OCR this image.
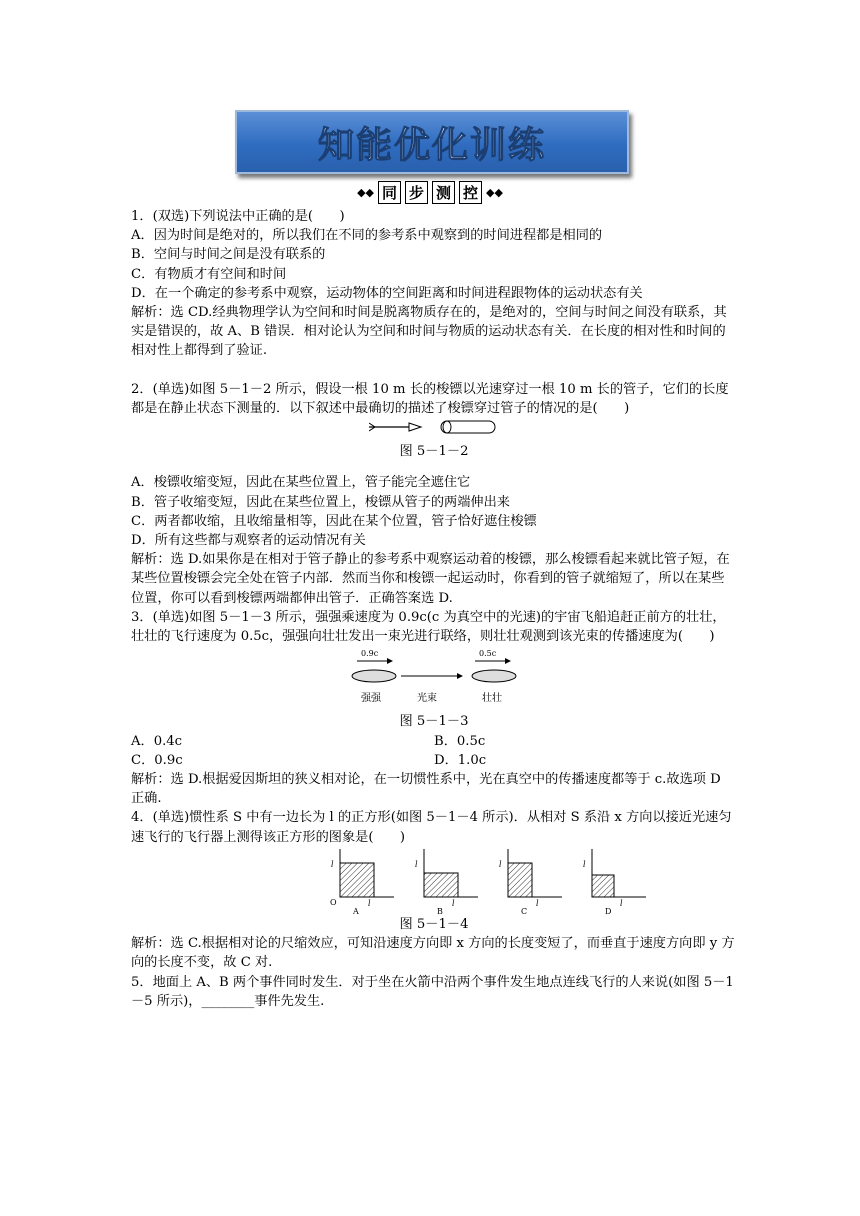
知能优化训练
◆◆ 同 步 测 控 ◆◆

1．(双选)下列说法中正确的是(　　)

A．因为时间是绝对的，所以我们在不同的参考系中观察到的时间进程都是相同的

B．空间与时间之间是没有联系的

C．有物质才有空间和时间

D．在一个确定的参考系中观察，运动物体的空间距离和时间进程跟物体的运动状态有关

解析：选 CD.经典物理学认为空间和时间是脱离物质存在的，是绝对的，空间与时间之间没有联系，其实是错误的，故 A、B 错误．相对论认为空间和时间与物质的运动状态有关．在长度的相对性和时间的相对性上都得到了验证.

2．(单选)如图 5－1－2 所示，假设一根 10 m 长的梭镖以光速穿过一根 10 m 长的管子，它们的长度都是在静止状态下测量的．以下叙述中最确切的描述了梭镖穿过管子的情况的是(　　)

图 5－1－2

A．梭镖收缩变短，因此在某些位置上，管子能完全遮住它

B．管子收缩变短，因此在某些位置上，梭镖从管子的两端伸出来

C．两者都收缩，且收缩量相等，因此在某个位置，管子恰好遮住梭镖

D．所有这些都与观察者的运动情况有关

解析：选 D.如果你是在相对于管子静止的参考系中观察运动着的梭镖，那么梭镖看起来就比管子短，在某些位置梭镖会完全处在管子内部．然而当你和梭镖一起运动时，你看到的管子就缩短了，所以在某些位置，你可以看到梭镖两端都伸出管子．正确答案选 D.

3．(单选)如图 5－1－3 所示，强强乘速度为 0.9c(c 为真空中的光速)的宇宙飞船追赶正前方的壮壮，壮壮的飞行速度为 0.5c，强强向壮壮发出一束光进行联络，则壮壮观测到该光束的传播速度为(　　)

0.9c	0.5c
强强	光束	壮壮

图 5－1－3

A．0.4c	B．0.5c
C．0.9c	D．1.0c

解析：选 D.根据爱因斯坦的狭义相对论，在一切惯性系中，光在真空中的传播速度都等于 c.故选项 D 正确.

4．(单选)惯性系 S 中有一边长为 l 的正方形(如图 5－1－4 所示)．从相对 S 系沿 x 方向以接近光速匀速飞行的飞行器上测得该正方形的图象是(　　)

O
l
l
A
l
l
B
l
l
C
l
l
D

图 5－1－4

解析：选 C.根据相对论的尺缩效应，可知沿速度方向即 x 方向的长度变短了，而垂直于速度方向即 y 方向的长度不变，故 C 对.

5．地面上 A、B 两个事件同时发生．对于坐在火箭中沿两个事件发生地点连线飞行的人来说(如图 5－1－5 所示)，________事件先发生.
